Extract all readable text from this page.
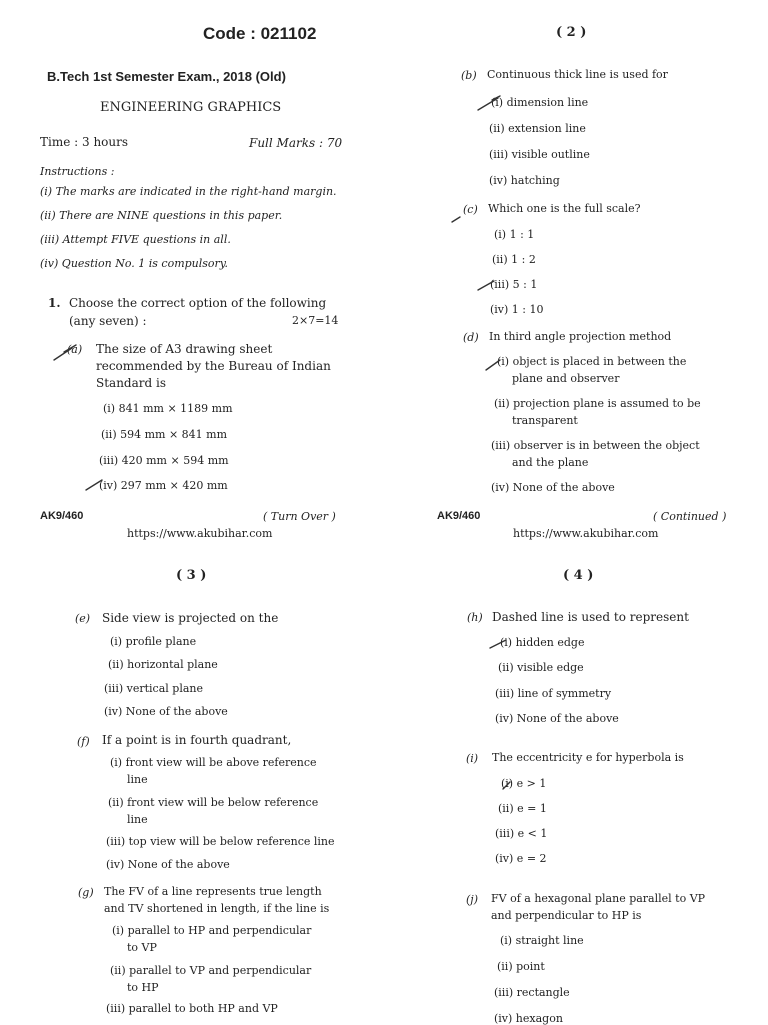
Code : 021102
B.Tech 1st Semester Exam., 2018 (Old)
ENGINEERING GRAPHICS
Time : 3 hours	Full Marks : 70
Instructions :
(i) The marks are indicated in the right-hand margin.
(ii) There are NINE questions in this paper.
(iii) Attempt FIVE questions in all.
(iv) Question No. 1 is compulsory.
1. Choose the correct option of the following
(any seven) :	2×7=14
(a) The size of A3 drawing sheet
recommended by the Bureau of Indian
Standard is
(i) 841 mm × 1189 mm
(ii) 594 mm × 841 mm
(iii) 420 mm × 594 mm
(iv) 297 mm × 420 mm
AK9/460	( Turn Over )
https://www.akubihar.com
( 2 )
(b) Continuous thick line is used for
(i) dimension line
(ii) extension line
(iii) visible outline
(iv) hatching
(c) Which one is the full scale?
(i) 1 : 1
(ii) 1 : 2
(iii) 5 : 1
(iv) 1 : 10
(d) In third angle projection method
(i) object is placed in between the
plane and observer
(ii) projection plane is assumed to be
transparent
(iii) observer is in between the object
and the plane
(iv) None of the above
AK9/460	( Continued )
https://www.akubihar.com
( 3 )
(e) Side view is projected on the
(i) profile plane
(ii) horizontal plane
(iii) vertical plane
(iv) None of the above
(f) If a point is in fourth quadrant,
(i) front view will be above reference
line
(ii) front view will be below reference
line
(iii) top view will be below reference line
(iv) None of the above
(g) The FV of a line represents true length
and TV shortened in length, if the line is
(i) parallel to HP and perpendicular
to VP
(ii) parallel to VP and perpendicular
to HP
(iii) parallel to both HP and VP
( 4 )
(h) Dashed line is used to represent
(i) hidden edge
(ii) visible edge
(iii) line of symmetry
(iv) None of the above
(i) The eccentricity e for hyperbola is
(i) e > 1
(ii) e = 1
(iii) e < 1
(iv) e = 2
(j) FV of a hexagonal plane parallel to VP
and perpendicular to HP is
(i) straight line
(ii) point
(iii) rectangle
(iv) hexagon
